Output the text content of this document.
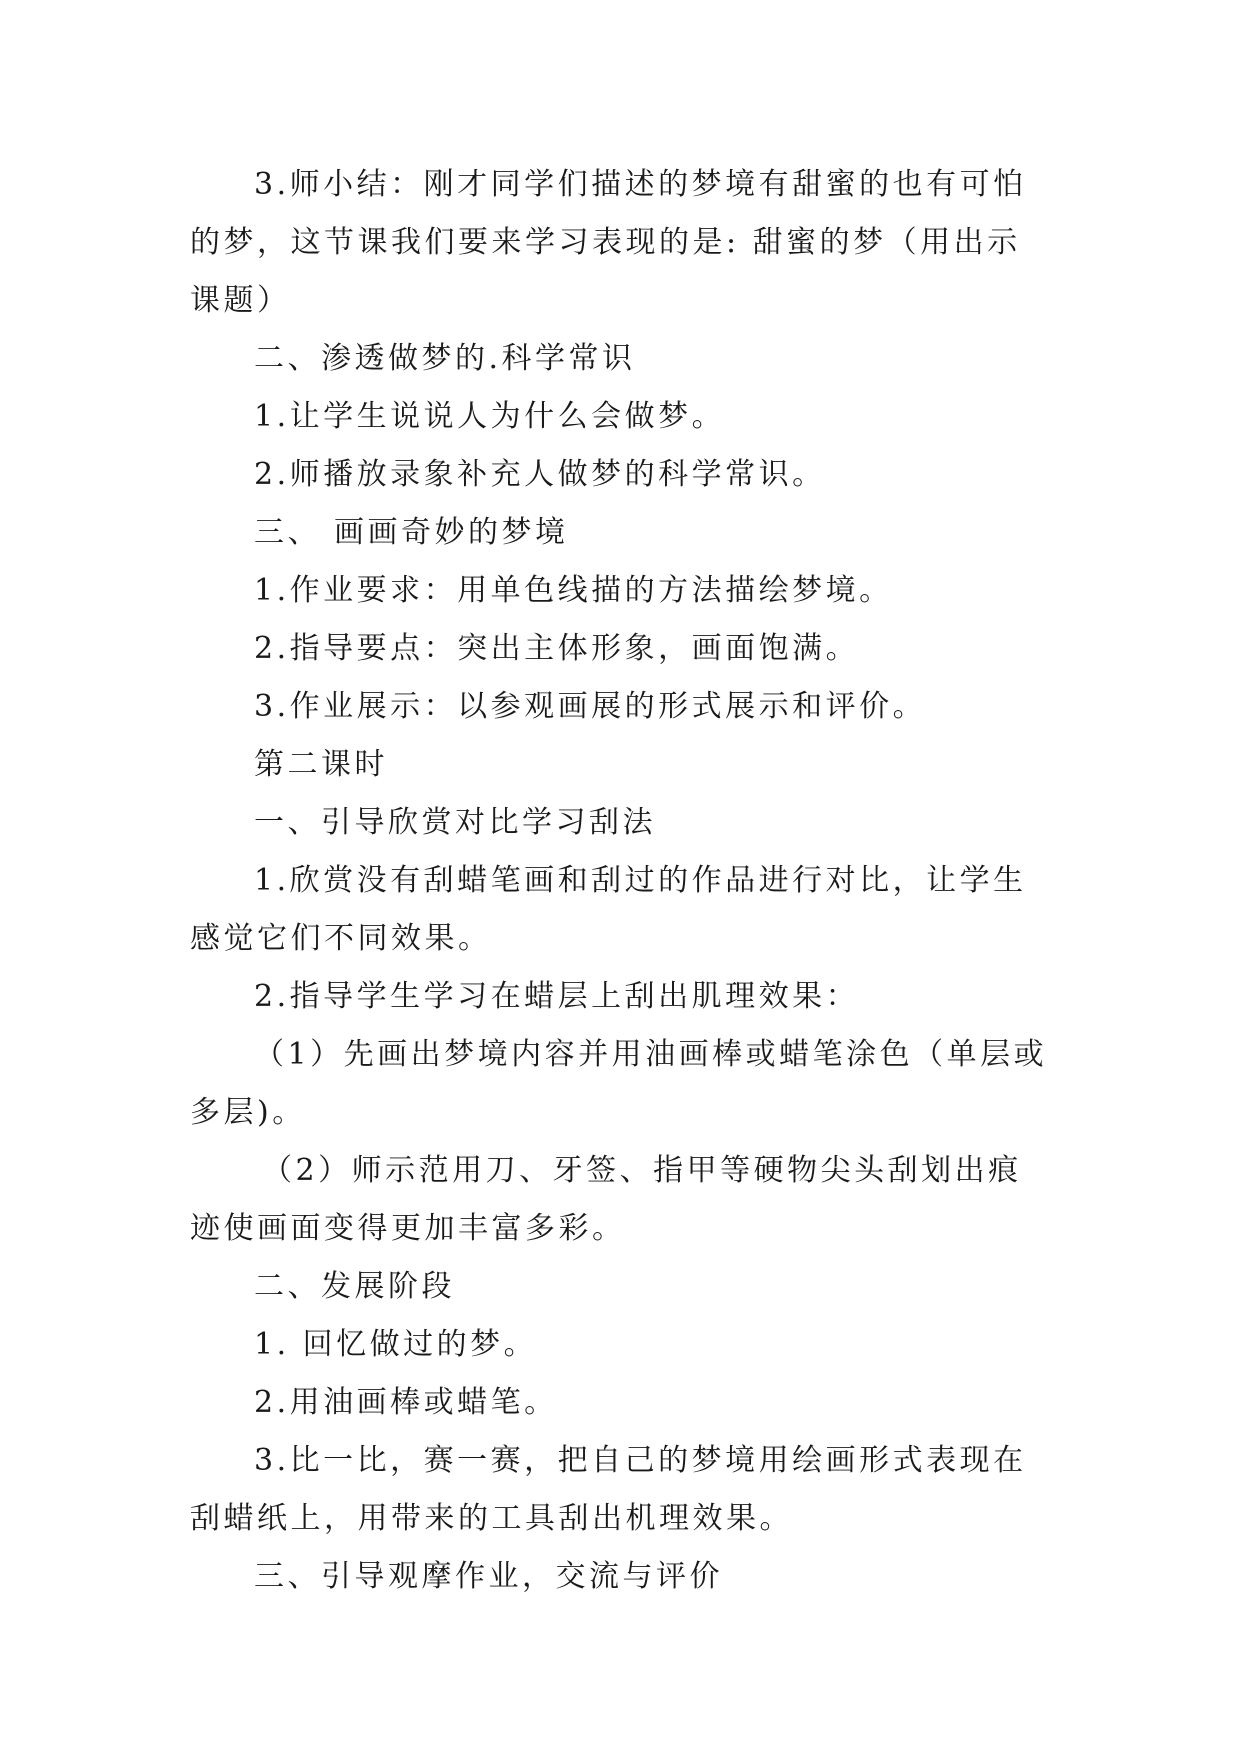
3.师小结：刚才同学们描述的梦境有甜蜜的也有可怕的梦，这节课我们要来学习表现的是: 甜蜜的梦（用出示课题）

二、渗透做梦的.科学常识

1.让学生说说人为什么会做梦。

2.师播放录象补充人做梦的科学常识。

三、 画画奇妙的梦境

1.作业要求：用单色线描的方法描绘梦境。

2.指导要点：突出主体形象，画面饱满。

3.作业展示：以参观画展的形式展示和评价。

第二课时

一、引导欣赏对比学习刮法

1.欣赏没有刮蜡笔画和刮过的作品进行对比，让学生感觉它们不同效果。

2.指导学生学习在蜡层上刮出肌理效果：

（1）先画出梦境内容并用油画棒或蜡笔涂色（单层或多层)。

（2）师示范用刀、牙签、指甲等硬物尖头刮划出痕迹使画面变得更加丰富多彩。

二、发展阶段

1. 回忆做过的梦。

2.用油画棒或蜡笔。

3.比一比，赛一赛，把自己的梦境用绘画形式表现在刮蜡纸上，用带来的工具刮出机理效果。

三、引导观摩作业，交流与评价
